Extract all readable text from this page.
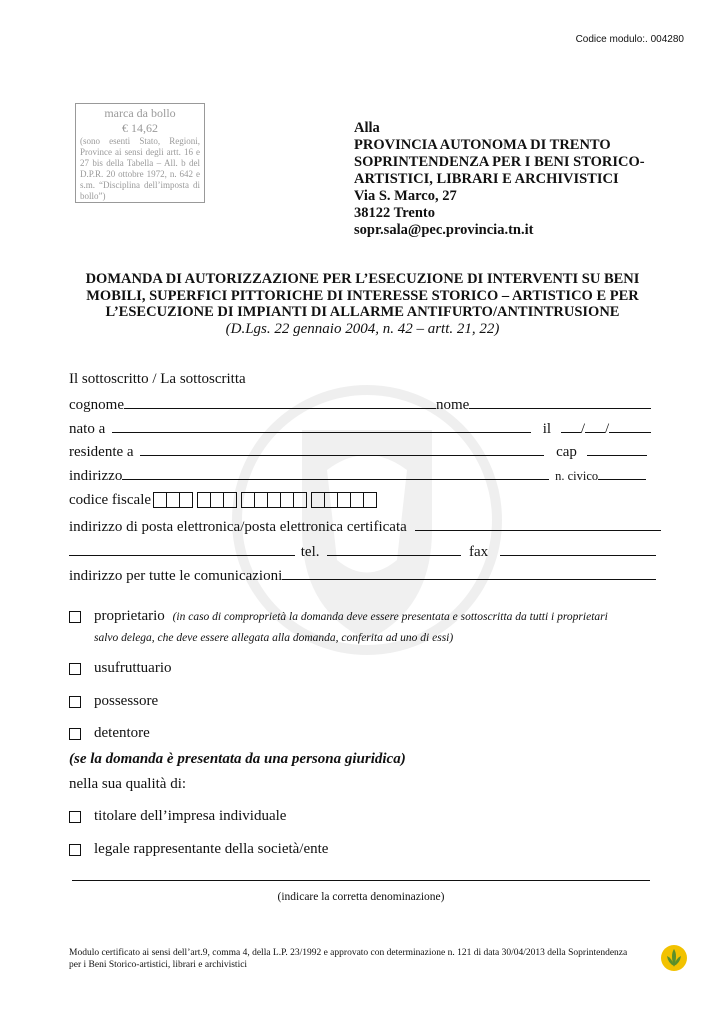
Codice modulo:. 004280
marca da bollo
€ 14,62
(sono esenti Stato, Regioni, Province ai sensi degli artt. 16 e 27 bis della Tabella – All. b del D.P.R. 20 ottobre 1972, n. 642 e s.m. “Disciplina dell’imposta di bollo”)
Alla
PROVINCIA AUTONOMA DI TRENTO
SOPRINTENDENZA PER I BENI STORICO-
ARTISTICI, LIBRARI E ARCHIVISTICI
Via S. Marco, 27
38122 Trento
sopr.sala@pec.provincia.tn.it
DOMANDA DI AUTORIZZAZIONE PER L’ESECUZIONE DI INTERVENTI SU BENI
MOBILI, SUPERFICI PITTORICHE DI INTERESSE STORICO – ARTISTICO E PER
L’ESECUZIONE DI IMPIANTI DI ALLARME ANTIFURTO/ANTINTRUSIONE
(D.Lgs. 22 gennaio 2004, n. 42 – artt. 21, 22)
Il sottoscritto / La sottoscritta
cognome	nome
nato a	il / /
residente a	cap
indirizzo	n. civico
codice fiscale
indirizzo di posta elettronica/posta elettronica certificata
tel.	fax
indirizzo per tutte le comunicazioni
proprietario (in caso di comproprietà la domanda deve essere presentata e sottoscritta da tutti i proprietari
salvo delega, che deve essere allegata alla domanda, conferita ad uno di essi)
usufruttuario
possessore
detentore
(se la domanda è presentata da una persona giuridica)
nella sua qualità di:
titolare dell’impresa individuale
legale rappresentante della società/ente
(indicare la corretta denominazione)
Modulo certificato ai sensi dell’art.9, comma 4, della L.P. 23/1992 e approvato con determinazione n. 121 di data 30/04/2013 della Soprintendenza
per i Beni Storico-artistici, librari e archivistici
